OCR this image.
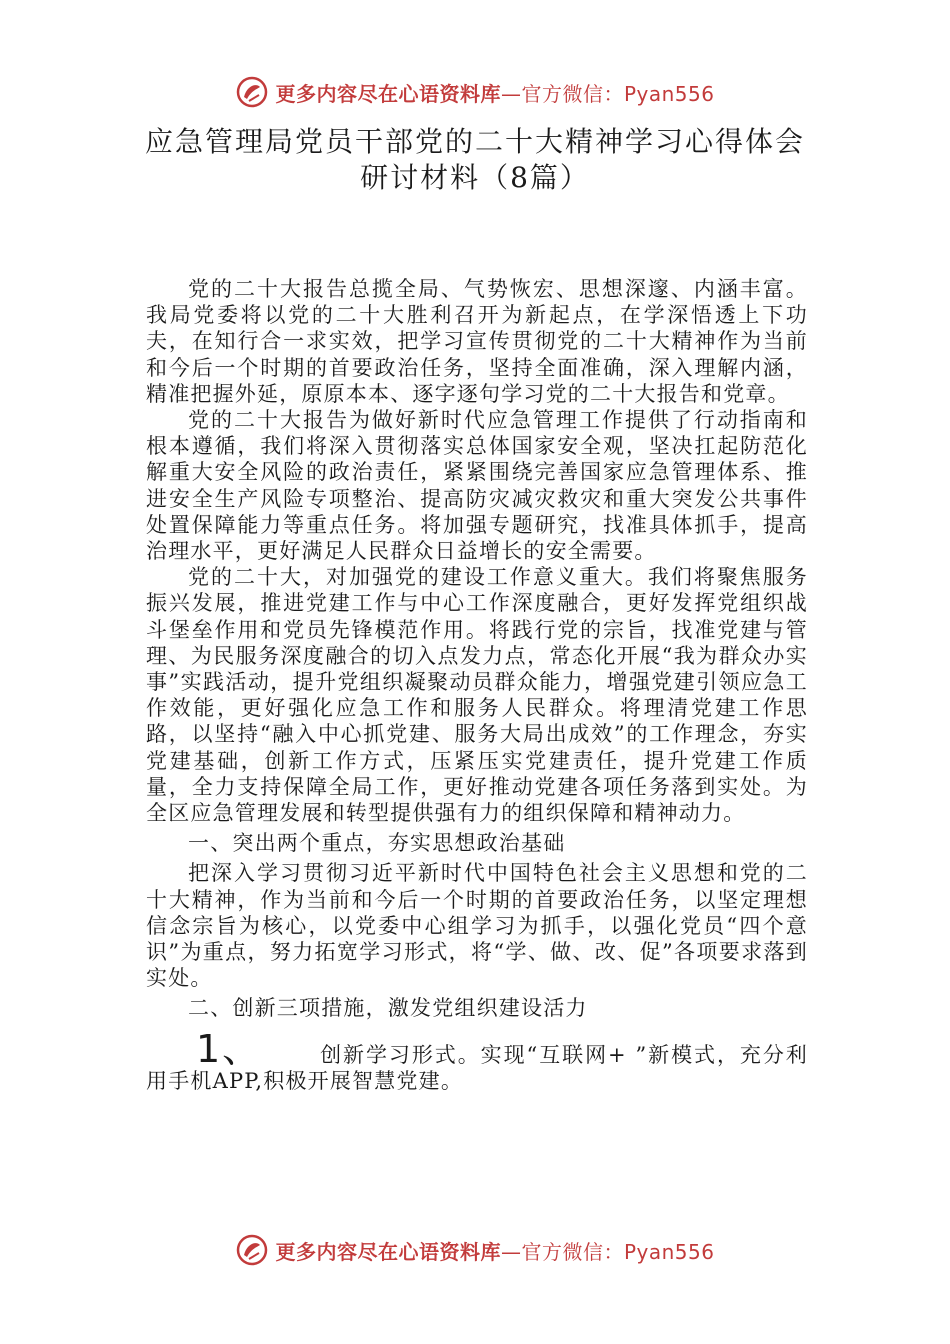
更多内容尽在心语资料库—官方微信：Pyan556
应急管理局党员干部党的二十大精神学习心得体会
研讨材料（8篇）

党的二十大报告总揽全局、气势恢宏、思想深邃、内涵丰富。我局党委将以党的二十大胜利召开为新起点，在学深悟透上下功夫，在知行合一求实效，把学习宣传贯彻党的二十大精神作为当前和今后一个时期的首要政治任务，坚持全面准确，深入理解内涵，精准把握外延，原原本本、逐字逐句学习党的二十大报告和党章。

党的二十大报告为做好新时代应急管理工作提供了行动指南和根本遵循，我们将深入贯彻落实总体国家安全观，坚决扛起防范化解重大安全风险的政治责任，紧紧围绕完善国家应急管理体系、推进安全生产风险专项整治、提高防灾减灾救灾和重大突发公共事件处置保障能力等重点任务。将加强专题研究，找准具体抓手，提高治理水平，更好满足人民群众日益增长的安全需要。

党的二十大，对加强党的建设工作意义重大。我们将聚焦服务振兴发展，推进党建工作与中心工作深度融合，更好发挥党组织战斗堡垒作用和党员先锋模范作用。将践行党的宗旨，找准党建与管理、为民服务深度融合的切入点发力点，常态化开展“我为群众办实事”实践活动，提升党组织凝聚动员群众能力，增强党建引领应急工作效能，更好强化应急工作和服务人民群众。将理清党建工作思路，以坚持“融入中心抓党建、服务大局出成效”的工作理念，夯实党建基础，创新工作方式，压紧压实党建责任，提升党建工作质量，全力支持保障全局工作，更好推动党建各项任务落到实处。为全区应急管理发展和转型提供强有力的组织保障和精神动力。

一、突出两个重点，夯实思想政治基础

把深入学习贯彻习近平新时代中国特色社会主义思想和党的二十大精神，作为当前和今后一个时期的首要政治任务，以坚定理想信念宗旨为核心，以党委中心组学习为抓手，以强化党员“四个意识”为重点，努力拓宽学习形式，将“学、做、改、促”各项要求落到实处。

二、创新三项措施，激发党组织建设活力

1、	创新学习形式。实现“互联网+ ”新模式，充分利用手机APP,积极开展智慧党建。

更多内容尽在心语资料库—官方微信：Pyan556
